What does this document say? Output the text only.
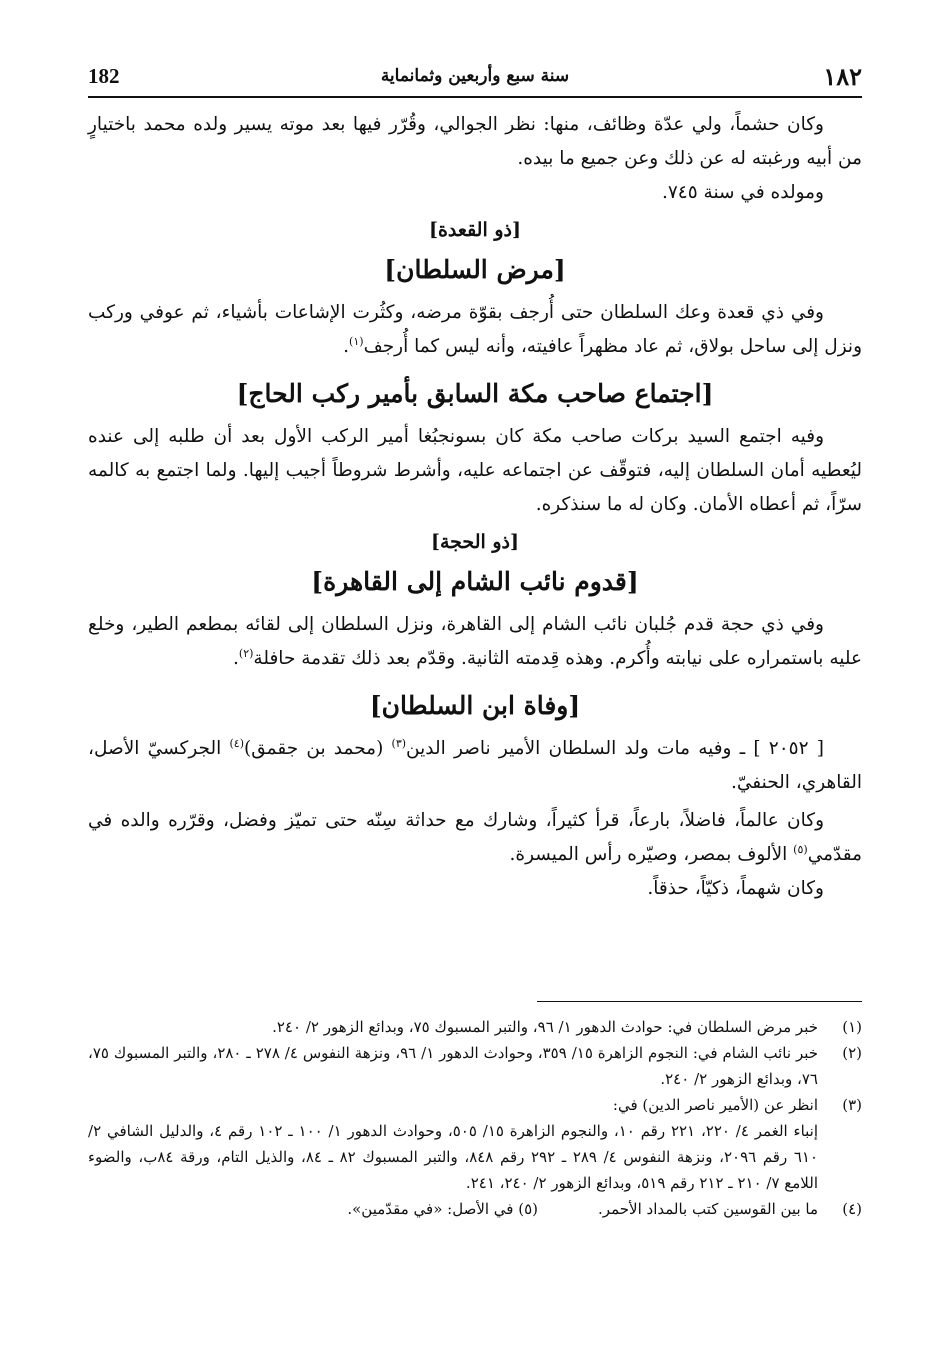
١٨٢
سنة سبع وأربعين وثمانماية
182

وكان حشماً، ولي عدّة وظائف، منها: نظر الجوالي، وقُرّر فيها بعد موته يسير ولده محمد باختيارٍ من أبيه ورغبته له عن ذلك وعن جميع ما بيده.

ومولده في سنة ٧٤٥.

[ذو القعدة]
[مرض السلطان]

وفي ذي قعدة وعك السلطان حتى أُرجف بقوّة مرضه، وكثُرت الإشاعات بأشياء، ثم عوفي وركب ونزل إلى ساحل بولاق، ثم عاد مظهراً عافيته، وأنه ليس كما أُرجف$^{(١)}$.

[اجتماع صاحب مكة السابق بأمير ركب الحاج]

وفيه اجتمع السيد بركات صاحب مكة كان بسونجبُغا أمير الركب الأول بعد أن طلبه إلى عنده ليُعطيه أمان السلطان إليه، فتوقّف عن اجتماعه عليه، وأشرط شروطاً أجيب إليها. ولما اجتمع به كالمه سرّاً، ثم أعطاه الأمان. وكان له ما سنذكره.

[ذو الحجة]
[قدوم نائب الشام إلى القاهرة]

وفي ذي حجة قدم جُلبان نائب الشام إلى القاهرة، ونزل السلطان إلى لقائه بمطعم الطير، وخلع عليه باستمراره على نيابته وأُكرم. وهذه قِدمته الثانية. وقدّم بعد ذلك تقدمة حافلة$^{(٢)}$.

[وفاة ابن السلطان]

[ ٢٠٥٢ ] ـ وفيه مات ولد السلطان الأمير ناصر الدين$^{(٣)}$ (محمد بن جقمق)$^{(٤)}$ الجركسيّ الأصل، القاهري، الحنفيّ.

وكان عالماً، فاضلاً، بارعاً، قرأ كثيراً، وشارك مع حداثة سِنّه حتى تميّز وفضل، وقرّره والده في مقدّمي$^{(٥)}$ الألوف بمصر، وصيّره رأس الميسرة.

وكان شهماً، ذكيّاً، حذقاً.

(١)
خبر مرض السلطان في: حوادث الدهور ١/ ٩٦، والتبر المسبوك ٧٥، وبدائع الزهور ٢/ ٢٤٠.
(٢)
خبر نائب الشام في: النجوم الزاهرة ١٥/ ٣٥٩، وحوادث الدهور ١/ ٩٦، ونزهة النفوس ٤/ ٢٧٨ ـ ٢٨٠، والتبر المسبوك ٧٥، ٧٦، وبدائع الزهور ٢/ ٢٤٠.
(٣)
انظر عن (الأمير ناصر الدين) في:
إنباء الغمر ٤/ ٢٢٠، ٢٢١ رقم ١٠، والنجوم الزاهرة ١٥/ ٥٠٥، وحوادث الدهور ١/ ١٠٠ ـ ١٠٢ رقم ٤، والدليل الشافي ٢/ ٦١٠ رقم ٢٠٩٦، ونزهة النفوس ٤/ ٢٨٩ ـ ٢٩٢ رقم ٨٤٨، والتبر المسبوك ٨٢ ـ ٨٤، والذيل التام، ورقة ٨٤ب، والضوء اللامع ٧/ ٢١٠ ـ ٢١٢ رقم ٥١٩، وبدائع الزهور ٢/ ٢٤٠، ٢٤١.
(٤)
ما بين القوسين كتب بالمداد الأحمر.
(٥) في الأصل: «في مقدّمين».
